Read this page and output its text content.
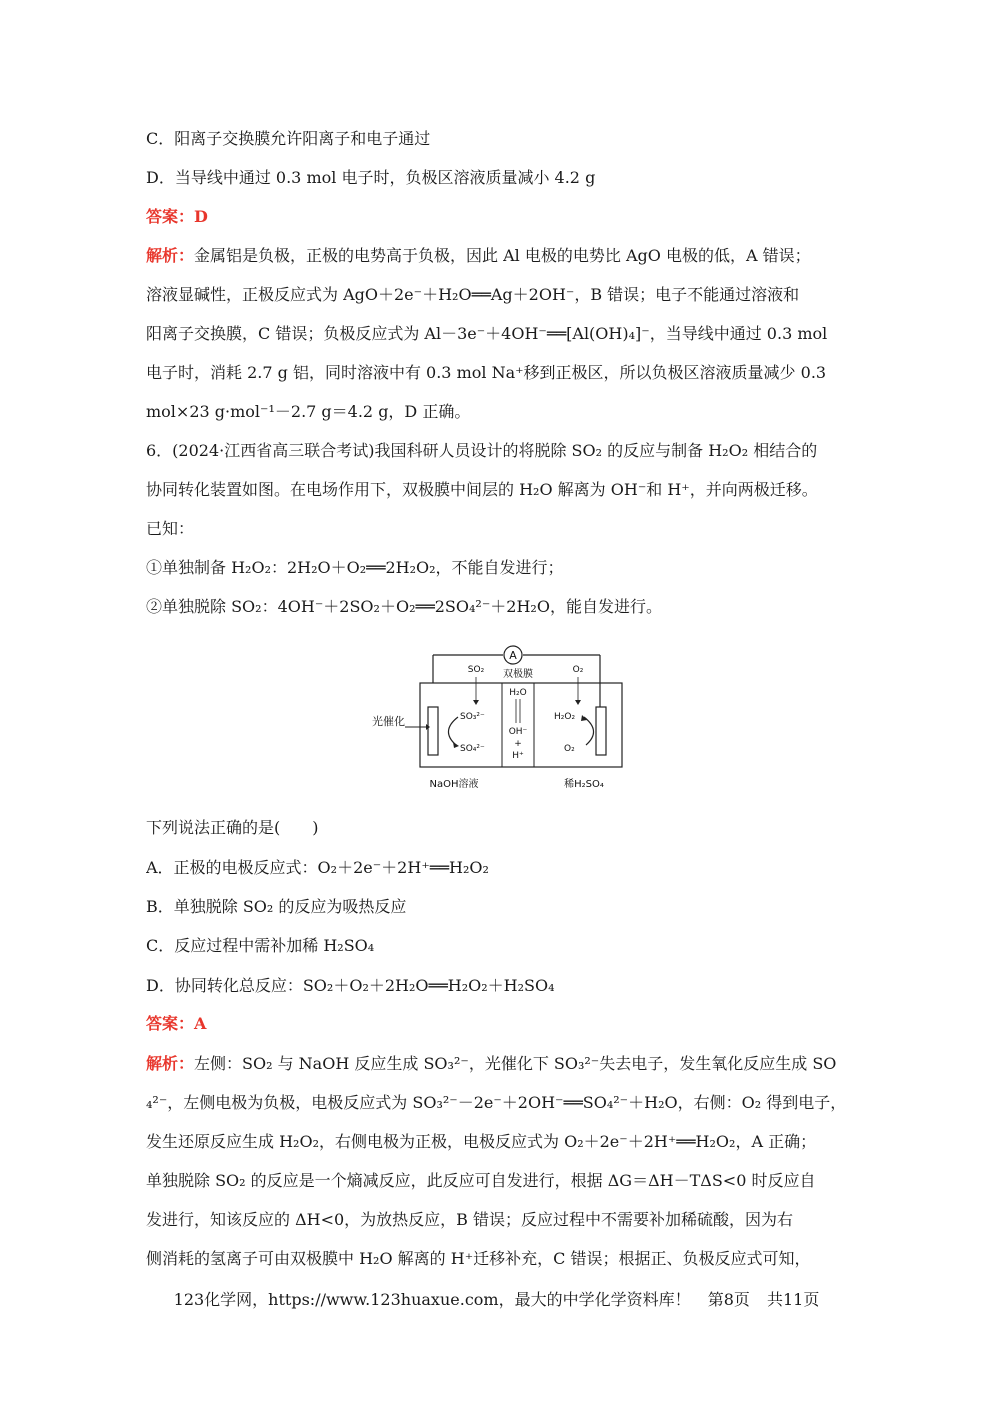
C．阳离子交换膜允许阳离子和电子通过
D．当导线中通过 0.3 mol 电子时，负极区溶液质量减小 4.2 g
答案：D
解析：金属铝是负极，正极的电势高于负极，因此 Al 电极的电势比 AgO 电极的低，A 错误；
溶液显碱性，正极反应式为 AgO＋2e⁻＋H₂O══Ag＋2OH⁻，B 错误；电子不能通过溶液和
阳离子交换膜，C 错误；负极反应式为 Al－3e⁻＋4OH⁻══[Al(OH)₄]⁻，当导线中通过 0.3 mol
电子时，消耗 2.7 g 铝，同时溶液中有 0.3 mol Na⁺移到正极区，所以负极区溶液质量减少 0.3
mol×23 g·mol⁻¹－2.7 g＝4.2 g，D 正确。
6．(2024·江西省高三联合考试)我国科研人员设计的将脱除 SO₂ 的反应与制备 H₂O₂ 相结合的
协同转化装置如图。在电场作用下，双极膜中间层的 H₂O 解离为 OH⁻和 H⁺，并向两极迁移。
已知：
①单独制备 H₂O₂：2H₂O＋O₂══2H₂O₂，不能自发进行；
②单独脱除 SO₂：4OH⁻＋2SO₂＋O₂══2SO₄²⁻＋2H₂O，能自发进行。
A
双极膜
H₂O
OH⁻
+
H⁺
光催化
SO₂
SO₃²⁻
SO₄²⁻
O₂
H₂O₂
O₂
NaOH溶液	稀H₂SO₄
下列说法正确的是(　　)
A．正极的电极反应式：O₂＋2e⁻＋2H⁺══H₂O₂
B．单独脱除 SO₂ 的反应为吸热反应
C．反应过程中需补加稀 H₂SO₄
D．协同转化总反应：SO₂＋O₂＋2H₂O══H₂O₂＋H₂SO₄
答案：A
解析：左侧：SO₂ 与 NaOH 反应生成 SO₃²⁻，光催化下 SO₃²⁻失去电子，发生氧化反应生成 SO
₄²⁻，左侧电极为负极，电极反应式为 SO₃²⁻－2e⁻＋2OH⁻══SO₄²⁻＋H₂O，右侧：O₂ 得到电子，
发生还原反应生成 H₂O₂，右侧电极为正极，电极反应式为 O₂＋2e⁻＋2H⁺══H₂O₂，A 正确；
单独脱除 SO₂ 的反应是一个熵减反应，此反应可自发进行，根据 ΔG＝ΔH－TΔS<0 时反应自
发进行，知该反应的 ΔH<0，为放热反应，B 错误；反应过程中不需要补加稀硫酸，因为右
侧消耗的氢离子可由双极膜中 H₂O 解离的 H⁺迁移补充，C 错误；根据正、负极反应式可知，
123化学网，https://www.123huaxue.com，最大的中学化学资料库！ 第8页 共11页
